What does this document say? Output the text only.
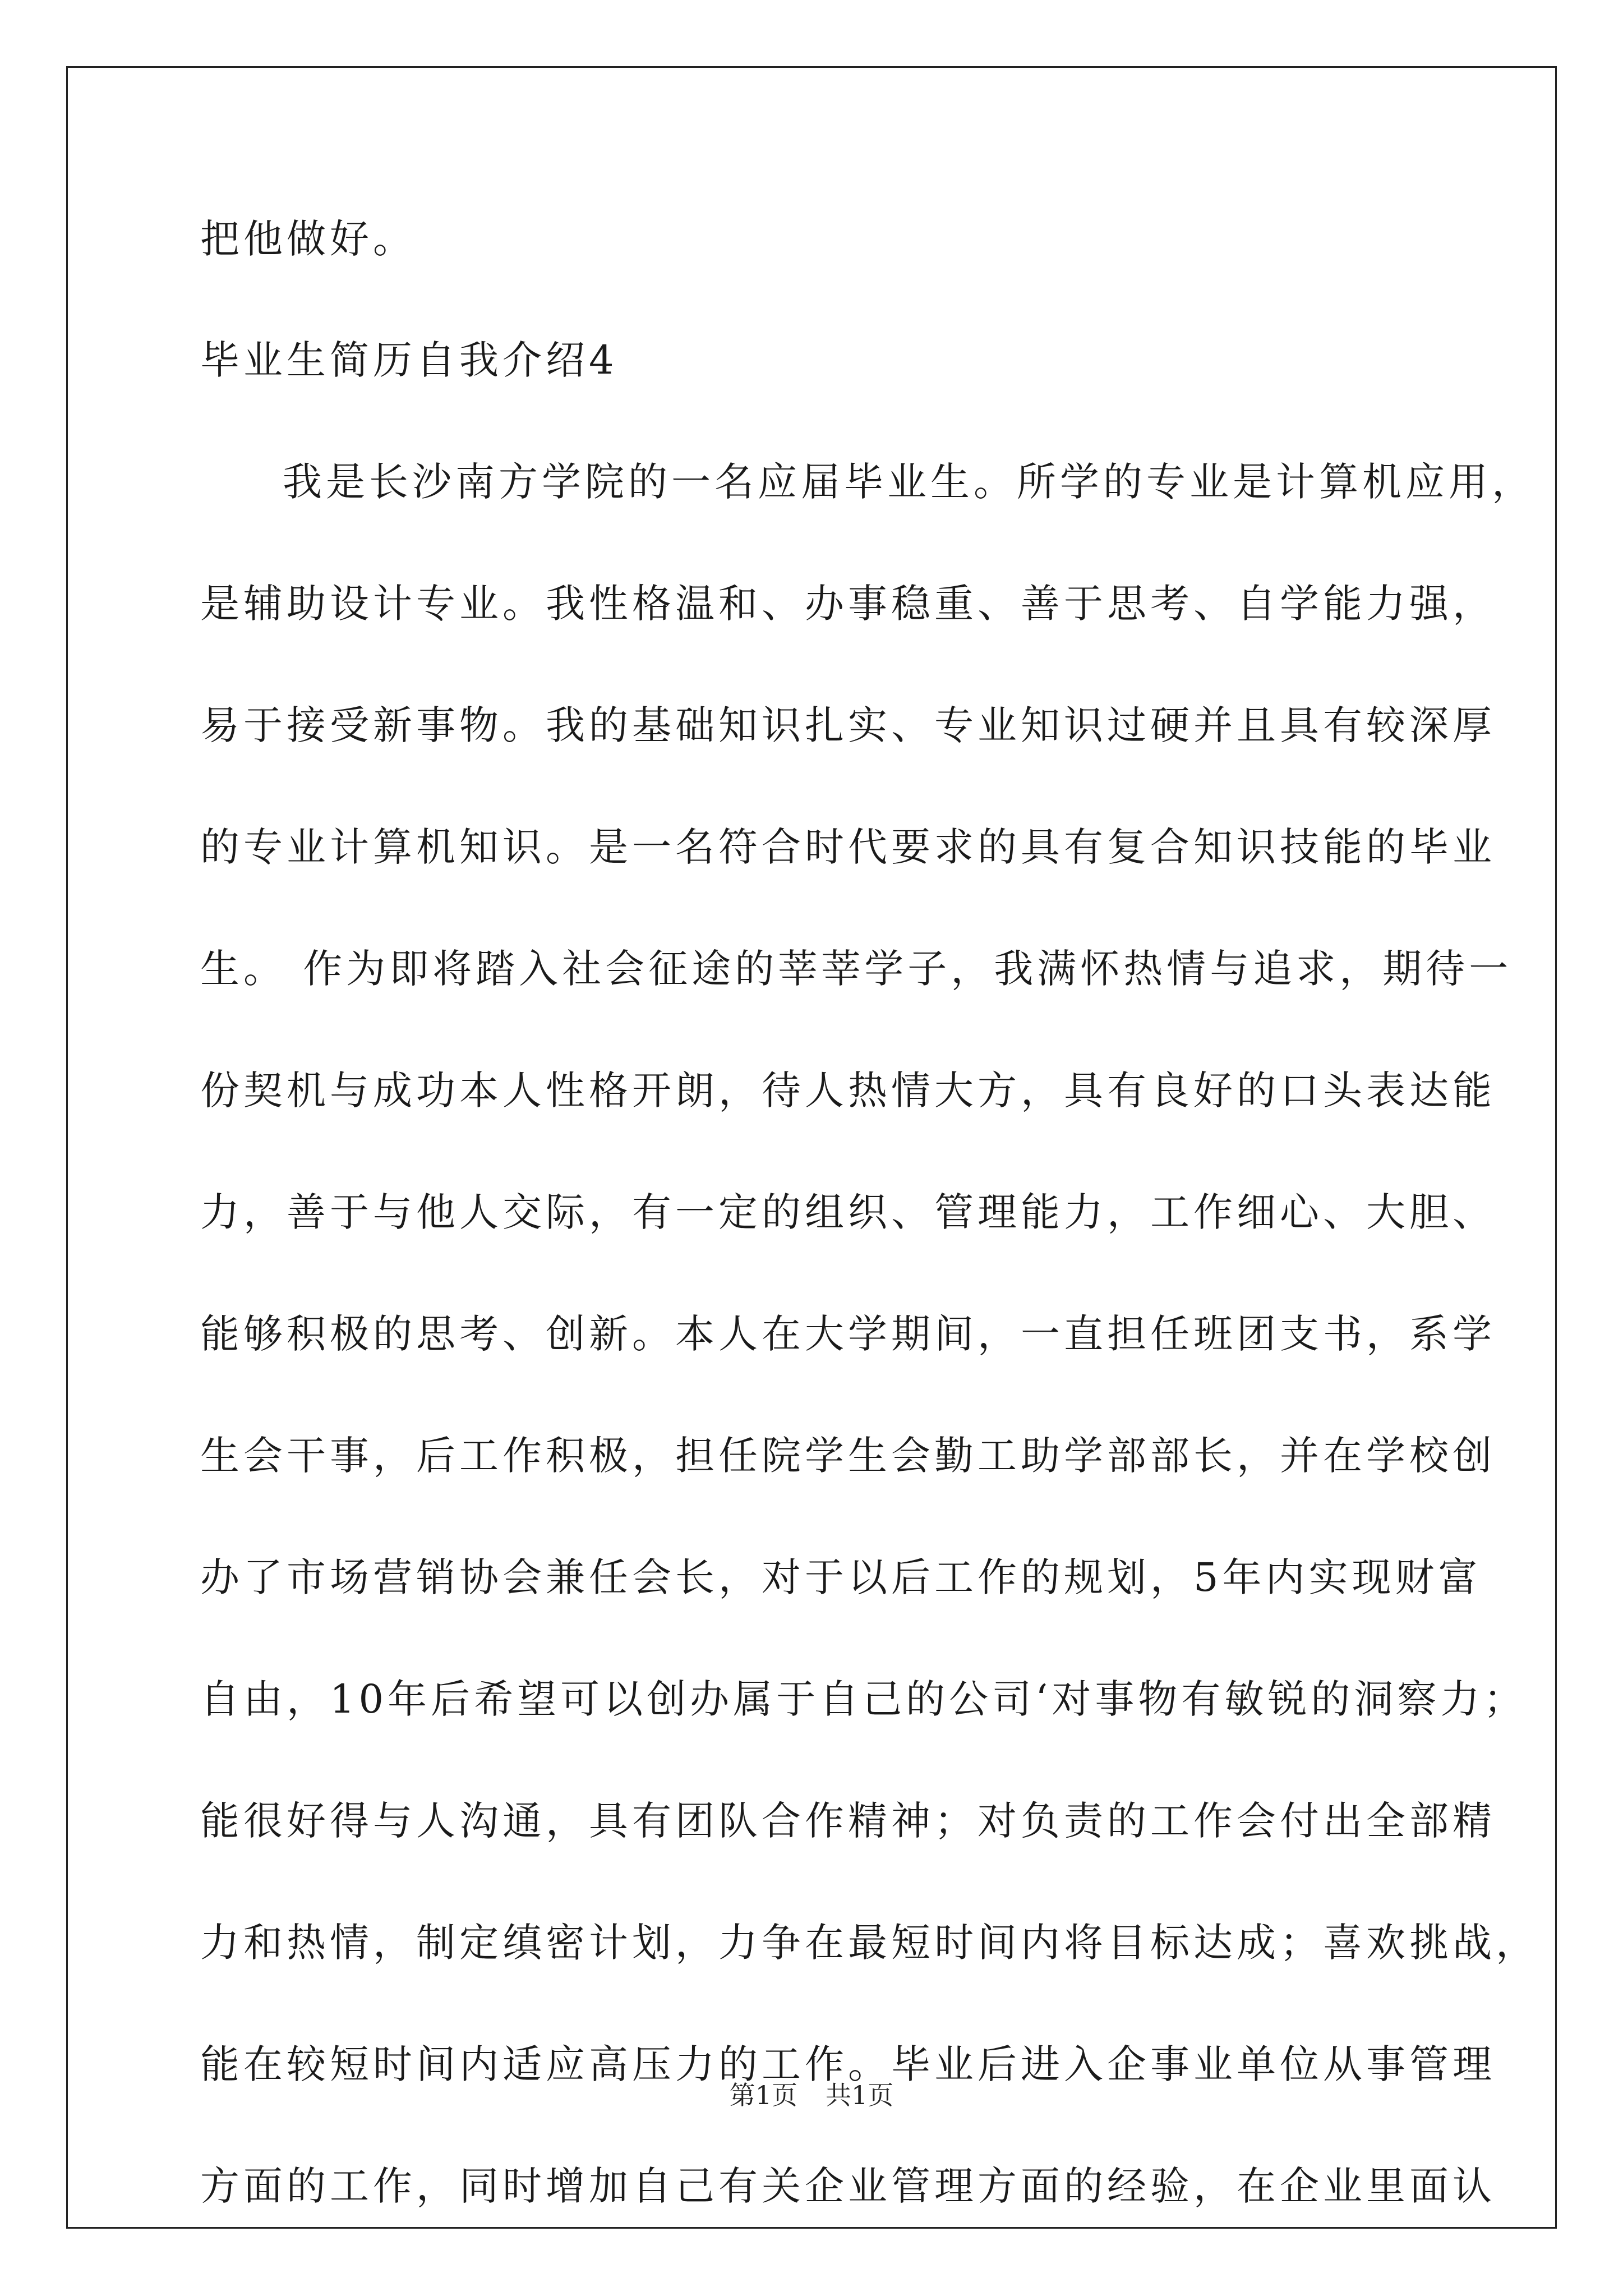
把他做好。

毕业生简历自我介绍4

我是长沙南方学院的一名应届毕业生。所学的专业是计算机应用，

是辅助设计专业。我性格温和、办事稳重、善于思考、自学能力强，

易于接受新事物。我的基础知识扎实、专业知识过硬并且具有较深厚

的专业计算机知识。是一名符合时代要求的具有复合知识技能的毕业

生。 作为即将踏入社会征途的莘莘学子，我满怀热情与追求，期待一

份契机与成功本人性格开朗，待人热情大方，具有良好的口头表达能

力，善于与他人交际，有一定的组织、管理能力，工作细心、大胆、

能够积极的思考、创新。本人在大学期间，一直担任班团支书，系学

生会干事，后工作积极，担任院学生会勤工助学部部长，并在学校创

办了市场营销协会兼任会长，对于以后工作的规划，5年内实现财富

自由，10年后希望可以创办属于自己的公司‘对事物有敏锐的洞察力；

能很好得与人沟通，具有团队合作精神；对负责的工作会付出全部精

力和热情，制定缜密计划，力争在最短时间内将目标达成；喜欢挑战，

能在较短时间内适应高压力的工作。毕业后进入企事业单位从事管理

方面的工作，同时增加自己有关企业管理方面的经验，在企业里面认

第1页 共1页
